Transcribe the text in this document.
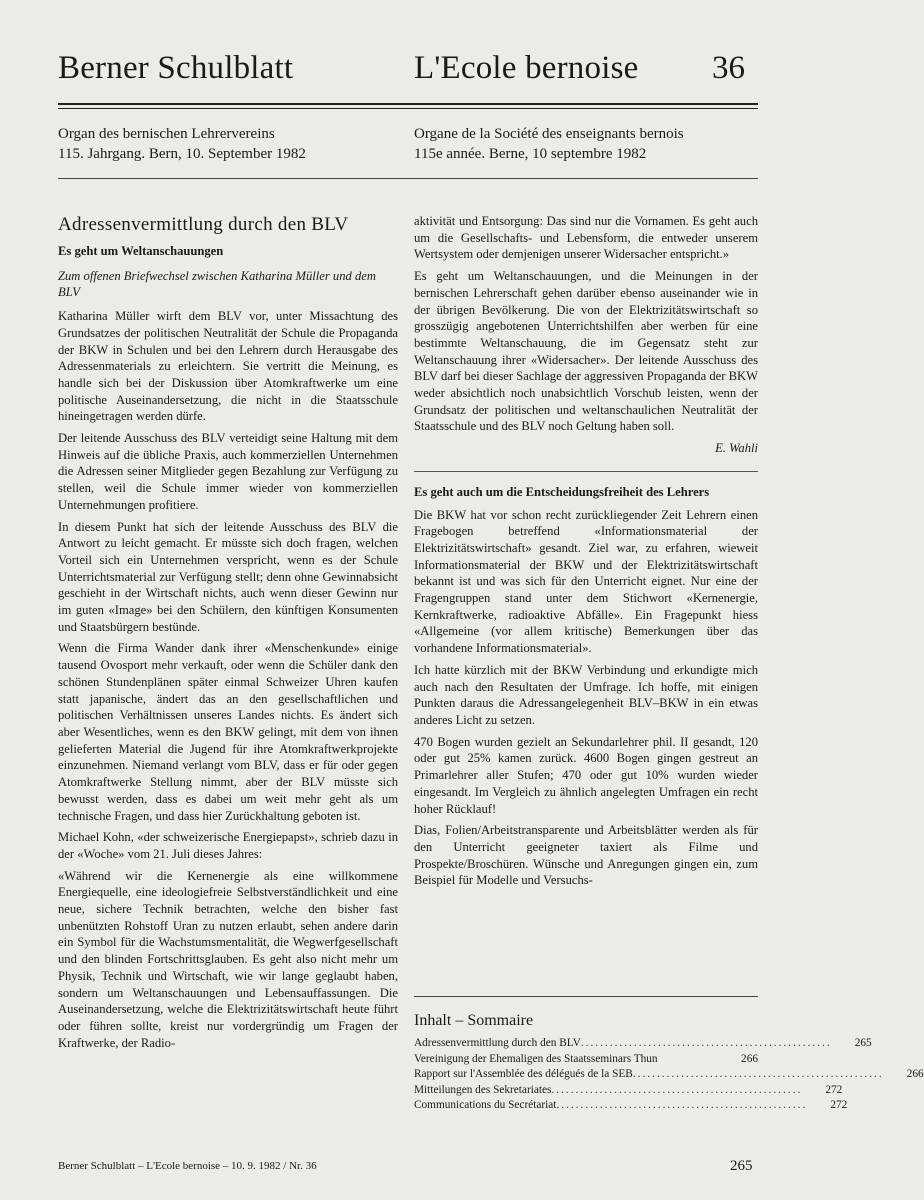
Berner Schulblatt	L'Ecole bernoise 36
Organ des bernischen Lehrervereins
115. Jahrgang. Bern, 10. September 1982
Organe de la Société des enseignants bernois
115e année. Berne, 10 septembre 1982

Adressenvermittlung durch den BLV

Es geht um Weltanschauungen

Zum offenen Briefwechsel zwischen Katharina Müller und dem BLV

Katharina Müller wirft dem BLV vor, unter Missachtung des Grundsatzes der politischen Neutralität der Schule die Propaganda der BKW in Schulen und bei den Lehrern durch Herausgabe des Adressenmaterials zu erleichtern. Sie vertritt die Meinung, es handle sich bei der Diskussion über Atomkraftwerke um eine politische Auseinandersetzung, die nicht in die Staatsschule hineingetragen werden dürfe.

Der leitende Ausschuss des BLV verteidigt seine Haltung mit dem Hinweis auf die übliche Praxis, auch kommerziellen Unternehmen die Adressen seiner Mitglieder gegen Bezahlung zur Verfügung zu stellen, weil die Schule immer wieder von kommerziellen Unternehmungen profitiere.

In diesem Punkt hat sich der leitende Ausschuss des BLV die Antwort zu leicht gemacht. Er müsste sich doch fragen, welchen Vorteil sich ein Unternehmen verspricht, wenn es der Schule Unterrichtsmaterial zur Verfügung stellt; denn ohne Gewinnabsicht geschieht in der Wirtschaft nichts, auch wenn dieser Gewinn nur im guten «Image» bei den Schülern, den künftigen Konsumenten und Staatsbürgern bestünde.

Wenn die Firma Wander dank ihrer «Menschenkunde» einige tausend Ovosport mehr verkauft, oder wenn die Schüler dank den schönen Stundenplänen später einmal Schweizer Uhren kaufen statt japanische, ändert das an den gesellschaftlichen und politischen Verhältnissen unseres Landes nichts. Es ändert sich aber Wesentliches, wenn es den BKW gelingt, mit dem von ihnen gelieferten Material die Jugend für ihre Atomkraftwerkprojekte einzunehmen. Niemand verlangt vom BLV, dass er für oder gegen Atomkraftwerke Stellung nimmt, aber der BLV müsste sich bewusst werden, dass es dabei um weit mehr geht als um technische Fragen, und dass hier Zurückhaltung geboten ist.

Michael Kohn, «der schweizerische Energiepapst», schrieb dazu in der «Woche» vom 21. Juli dieses Jahres:

«Während wir die Kernenergie als eine willkommene Energiequelle, eine ideologiefreie Selbstverständlichkeit und eine neue, sichere Technik betrachten, welche den bisher fast unbenützten Rohstoff Uran zu nutzen erlaubt, sehen andere darin ein Symbol für die Wachstumsmentalität, die Wegwerfgesellschaft und den blinden Fortschrittsglauben. Es geht also nicht mehr um Physik, Technik und Wirtschaft, wie wir lange geglaubt haben, sondern um Weltanschauungen und Lebensauffassungen. Die Auseinandersetzung, welche die Elektrizitätswirtschaft heute führt oder führen sollte, kreist nur vordergründig um Fragen der Kraftwerke, der Radio-

aktivität und Entsorgung: Das sind nur die Vornamen. Es geht auch um die Gesellschafts- und Lebensform, die entweder unserem Wertsystem oder demjenigen unserer Widersacher entspricht.»

Es geht um Weltanschauungen, und die Meinungen in der bernischen Lehrerschaft gehen darüber ebenso auseinander wie in der übrigen Bevölkerung. Die von der Elektrizitätswirtschaft so grosszügig angebotenen Unterrichtshilfen aber werben für eine bestimmte Weltanschauung, die im Gegensatz steht zur Weltanschauung ihrer «Widersacher». Der leitende Ausschuss des BLV darf bei dieser Sachlage der aggressiven Propaganda der BKW weder absichtlich noch unabsichtlich Vorschub leisten, wenn der Grundsatz der politischen und weltanschaulichen Neutralität der Staatsschule und des BLV noch Geltung haben soll.

E. Wahli

Es geht auch um die Entscheidungsfreiheit des Lehrers

Die BKW hat vor schon recht zurückliegender Zeit Lehrern einen Fragebogen betreffend «Informationsmaterial der Elektrizitätswirtschaft» gesandt. Ziel war, zu erfahren, wieweit Informationsmaterial der BKW und der Elektrizitätswirtschaft bekannt ist und was sich für den Unterricht eignet. Nur eine der Fragengruppen stand unter dem Stichwort «Kernenergie, Kernkraftwerke, radioaktive Abfälle». Ein Fragepunkt hiess «Allgemeine (vor allem kritische) Bemerkungen über das vorhandene Informationsmaterial».

Ich hatte kürzlich mit der BKW Verbindung und erkundigte mich auch nach den Resultaten der Umfrage. Ich hoffe, mit einigen Punkten daraus die Adressangelegenheit BLV–BKW in ein etwas anderes Licht zu setzen.

470 Bogen wurden gezielt an Sekundarlehrer phil. II gesandt, 120 oder gut 25% kamen zurück. 4600 Bogen gingen gestreut an Primarlehrer aller Stufen; 470 oder gut 10% wurden wieder eingesandt. Im Vergleich zu ähnlich angelegten Umfragen ein recht hoher Rücklauf!

Dias, Folien/Arbeitstransparente und Arbeitsblätter werden als für den Unterricht geeigneter taxiert als Filme und Prospekte/Broschüren. Wünsche und Anregungen gingen ein, zum Beispiel für Modelle und Versuchs-

Inhalt – Sommaire
Adressenvermittlung durch den BLV ....................................................	265
Vereinigung der Ehemaligen des Staatsseminars Thun	266
Rapport sur l'Assemblée des délégués de la SEB ....................................................	266
Mitteilungen des Sekretariates ....................................................	272
Communications du Secrétariat ....................................................	272
Berner Schulblatt – L'Ecole bernoise – 10. 9. 1982 / Nr. 36	265
